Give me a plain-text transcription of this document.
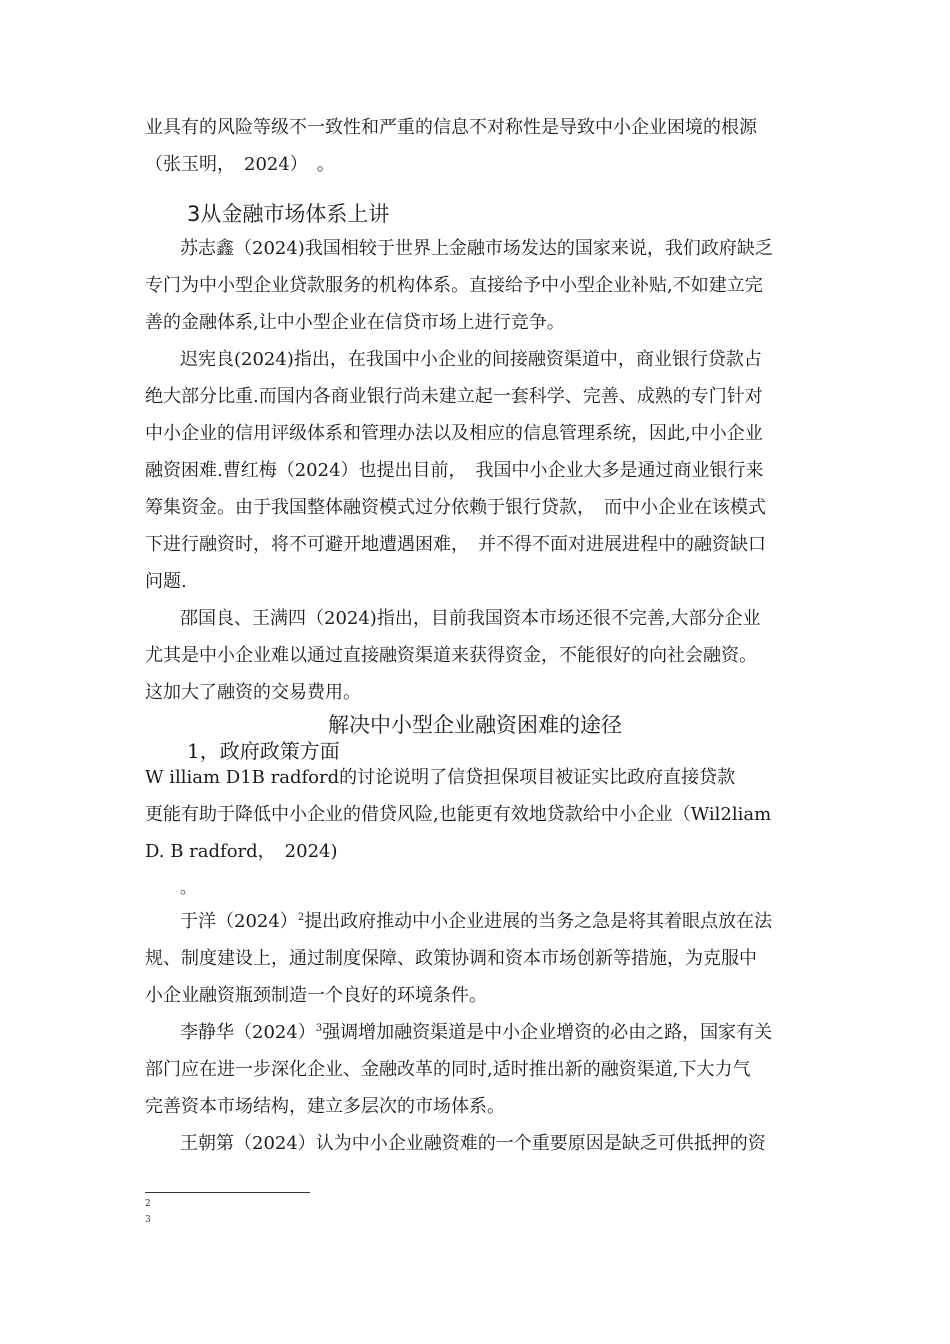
业具有的风险等级不一致性和严重的信息不对称性是导致中小企业困境的根源
（张玉明，　2024）　。
3从金融市场体系上讲
苏志鑫（2024)我国相较于世界上金融市场发达的国家来说，我们政府缺乏
专门为中小型企业贷款服务的机构体系。直接给予中小型企业补贴,不如建立完
善的金融体系,让中小型企业在信贷市场上进行竞争。
迟宪良(2024)指出，在我国中小企业的间接融资渠道中，商业银行贷款占
绝大部分比重.而国内各商业银行尚未建立起一套科学、完善、成熟的专门针对
中小企业的信用评级体系和管理办法以及相应的信息管理系统，因此,中小企业
融资困难.曹红梅（2024）也提出目前，　我国中小企业大多是通过商业银行来
筹集资金。由于我国整体融资模式过分依赖于银行贷款，　而中小企业在该模式
下进行融资时，将不可避开地遭遇困难，　并不得不面对进展进程中的融资缺口
问题.
邵国良、王满四（2024)指出，目前我国资本市场还很不完善,大部分企业
尤其是中小企业难以通过直接融资渠道来获得资金，不能很好的向社会融资。
这加大了融资的交易费用。
解决中小型企业融资困难的途径
1，政府政策方面
W illiam D1B radford的讨论说明了信贷担保项目被证实比政府直接贷款
更能有助于降低中小企业的借贷风险,也能更有效地贷款给中小企业（Wil2liam
D. B radford，　2024)
。
于洋$(2024)^2$提出政府推动中小企业进展的当务之急是将其着眼点放在法
规、制度建设上，通过制度保障、政策协调和资本市场创新等措施，为克服中
小企业融资瓶颈制造一个良好的环境条件。
李静华$(2024)^3$强调增加融资渠道是中小企业增资的必由之路，国家有关
部门应在进一步深化企业、金融改革的同时,适时推出新的融资渠道,下大力气
完善资本市场结构，建立多层次的市场体系。
王朝第（2024）认为中小企业融资难的一个重要原因是缺乏可供抵押的资
2
3
